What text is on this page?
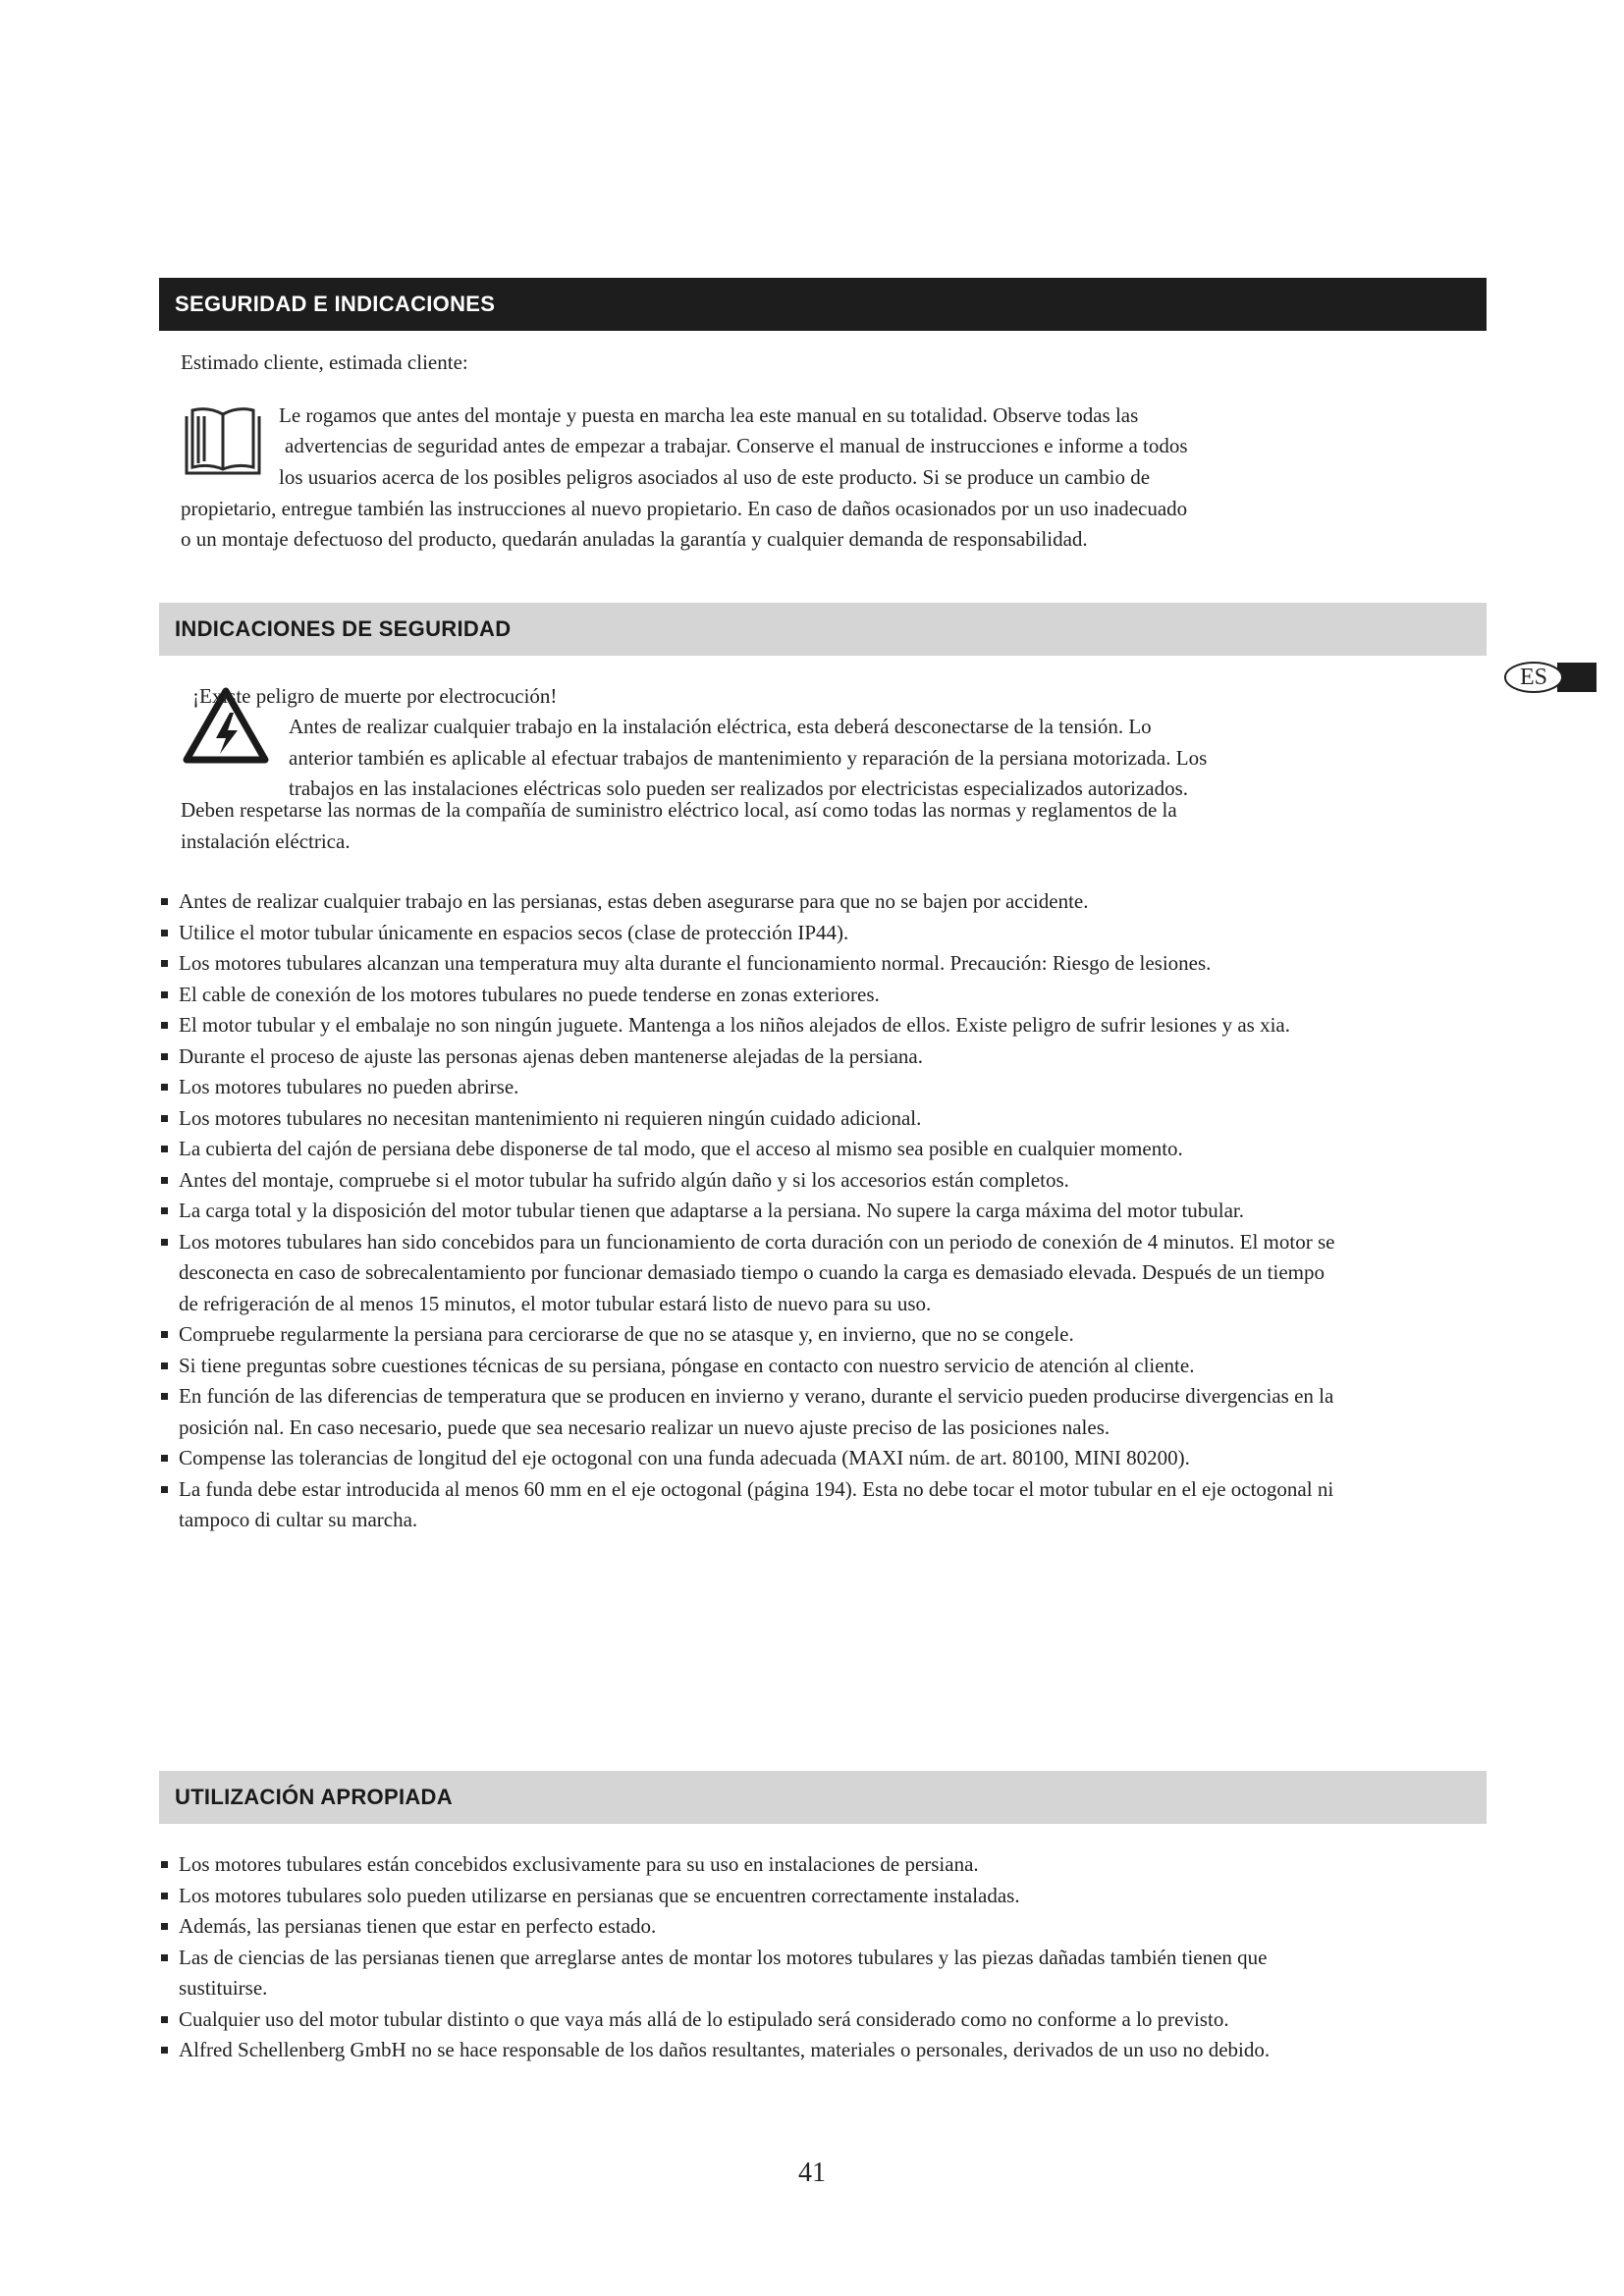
SEGURIDAD E INDICACIONES

Estimado cliente, estimada cliente:

Le rogamos que antes del montaje y puesta en marcha lea este manual en su totalidad. Observe todas las

advertencias de seguridad antes de empezar a trabajar. Conserve el manual de instrucciones e informe a todos

los usuarios acerca de los posibles peligros asociados al uso de este producto. Si se produce un cambio de

propietario, entregue también las instrucciones al nuevo propietario. En caso de daños ocasionados por un uso inadecuado

o un montaje defectuoso del producto, quedarán anuladas la garantía y cualquier demanda de responsabilidad.

INDICACIONES DE SEGURIDAD
ES

¡Existe peligro de muerte por electrocución!

Antes de realizar cualquier trabajo en la instalación eléctrica, esta deberá desconectarse de la tensión. Lo

anterior también es aplicable al efectuar trabajos de mantenimiento y reparación de la persiana motorizada. Los

trabajos en las instalaciones eléctricas solo pueden ser realizados por electricistas especializados autorizados.

Deben respetarse las normas de la compañía de suministro eléctrico local, así como todas las normas y reglamentos de la

instalación eléctrica.

Antes de realizar cualquier trabajo en las persianas, estas deben asegurarse para que no se bajen por accidente.
Utilice el motor tubular únicamente en espacios secos (clase de protección IP44).
Los motores tubulares alcanzan una temperatura muy alta durante el funcionamiento normal. Precaución: Riesgo de lesiones.
El cable de conexión de los motores tubulares no puede tenderse en zonas exteriores.
El motor tubular y el embalaje no son ningún juguete. Mantenga a los niños alejados de ellos. Existe peligro de sufrir lesiones y as xia.
Durante el proceso de ajuste las personas ajenas deben mantenerse alejadas de la persiana.
Los motores tubulares no pueden abrirse.
Los motores tubulares no necesitan mantenimiento ni requieren ningún cuidado adicional.
La cubierta del cajón de persiana debe disponerse de tal modo, que el acceso al mismo sea posible en cualquier momento.
Antes del montaje, compruebe si el motor tubular ha sufrido algún daño y si los accesorios están completos.
La carga total y la disposición del motor tubular tienen que adaptarse a la persiana. No supere la carga máxima del motor tubular.
Los motores tubulares han sido concebidos para un funcionamiento de corta duración con un periodo de conexión de 4 minutos. El motor se desconecta en caso de sobrecalentamiento por funcionar demasiado tiempo o cuando la carga es demasiado elevada. Después de un tiempo de refrigeración de al menos 15 minutos, el motor tubular estará listo de nuevo para su uso.
Compruebe regularmente la persiana para cerciorarse de que no se atasque y, en invierno, que no se congele.
Si tiene preguntas sobre cuestiones técnicas de su persiana, póngase en contacto con nuestro servicio de atención al cliente.
En función de las diferencias de temperatura que se producen en invierno y verano, durante el servicio pueden producirse divergencias en la posición nal. En caso necesario, puede que sea necesario realizar un nuevo ajuste preciso de las posiciones nales.
Compense las tolerancias de longitud del eje octogonal con una funda adecuada (MAXI núm. de art. 80100, MINI 80200).
La funda debe estar introducida al menos 60 mm en el eje octogonal (página 194). Esta no debe tocar el motor tubular en el eje octogonal ni tampoco di cultar su marcha.
UTILIZACIÓN APROPIADA
Los motores tubulares están concebidos exclusivamente para su uso en instalaciones de persiana.
Los motores tubulares solo pueden utilizarse en persianas que se encuentren correctamente instaladas.
Además, las persianas tienen que estar en perfecto estado.
Las de ciencias de las persianas tienen que arreglarse antes de montar los motores tubulares y las piezas dañadas también tienen que sustituirse.
Cualquier uso del motor tubular distinto o que vaya más allá de lo estipulado será considerado como no conforme a lo previsto.
Alfred Schellenberg GmbH no se hace responsable de los daños resultantes, materiales o personales, derivados de un uso no debido.
41
